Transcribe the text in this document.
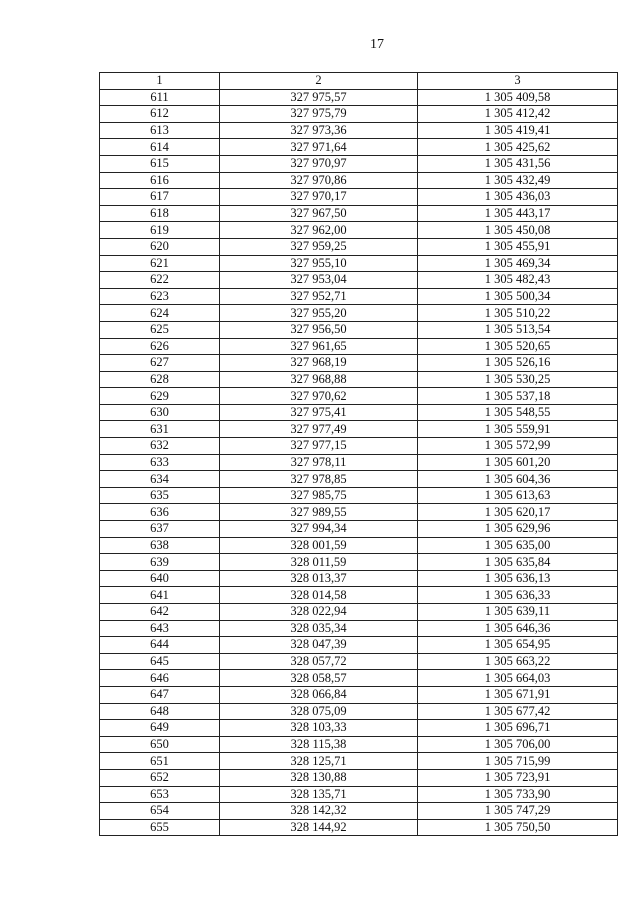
17
1	2	3
611	327 975,57	1 305 409,58
612	327 975,79	1 305 412,42
613	327 973,36	1 305 419,41
614	327 971,64	1 305 425,62
615	327 970,97	1 305 431,56
616	327 970,86	1 305 432,49
617	327 970,17	1 305 436,03
618	327 967,50	1 305 443,17
619	327 962,00	1 305 450,08
620	327 959,25	1 305 455,91
621	327 955,10	1 305 469,34
622	327 953,04	1 305 482,43
623	327 952,71	1 305 500,34
624	327 955,20	1 305 510,22
625	327 956,50	1 305 513,54
626	327 961,65	1 305 520,65
627	327 968,19	1 305 526,16
628	327 968,88	1 305 530,25
629	327 970,62	1 305 537,18
630	327 975,41	1 305 548,55
631	327 977,49	1 305 559,91
632	327 977,15	1 305 572,99
633	327 978,11	1 305 601,20
634	327 978,85	1 305 604,36
635	327 985,75	1 305 613,63
636	327 989,55	1 305 620,17
637	327 994,34	1 305 629,96
638	328 001,59	1 305 635,00
639	328 011,59	1 305 635,84
640	328 013,37	1 305 636,13
641	328 014,58	1 305 636,33
642	328 022,94	1 305 639,11
643	328 035,34	1 305 646,36
644	328 047,39	1 305 654,95
645	328 057,72	1 305 663,22
646	328 058,57	1 305 664,03
647	328 066,84	1 305 671,91
648	328 075,09	1 305 677,42
649	328 103,33	1 305 696,71
650	328 115,38	1 305 706,00
651	328 125,71	1 305 715,99
652	328 130,88	1 305 723,91
653	328 135,71	1 305 733,90
654	328 142,32	1 305 747,29
655	328 144,92	1 305 750,50
